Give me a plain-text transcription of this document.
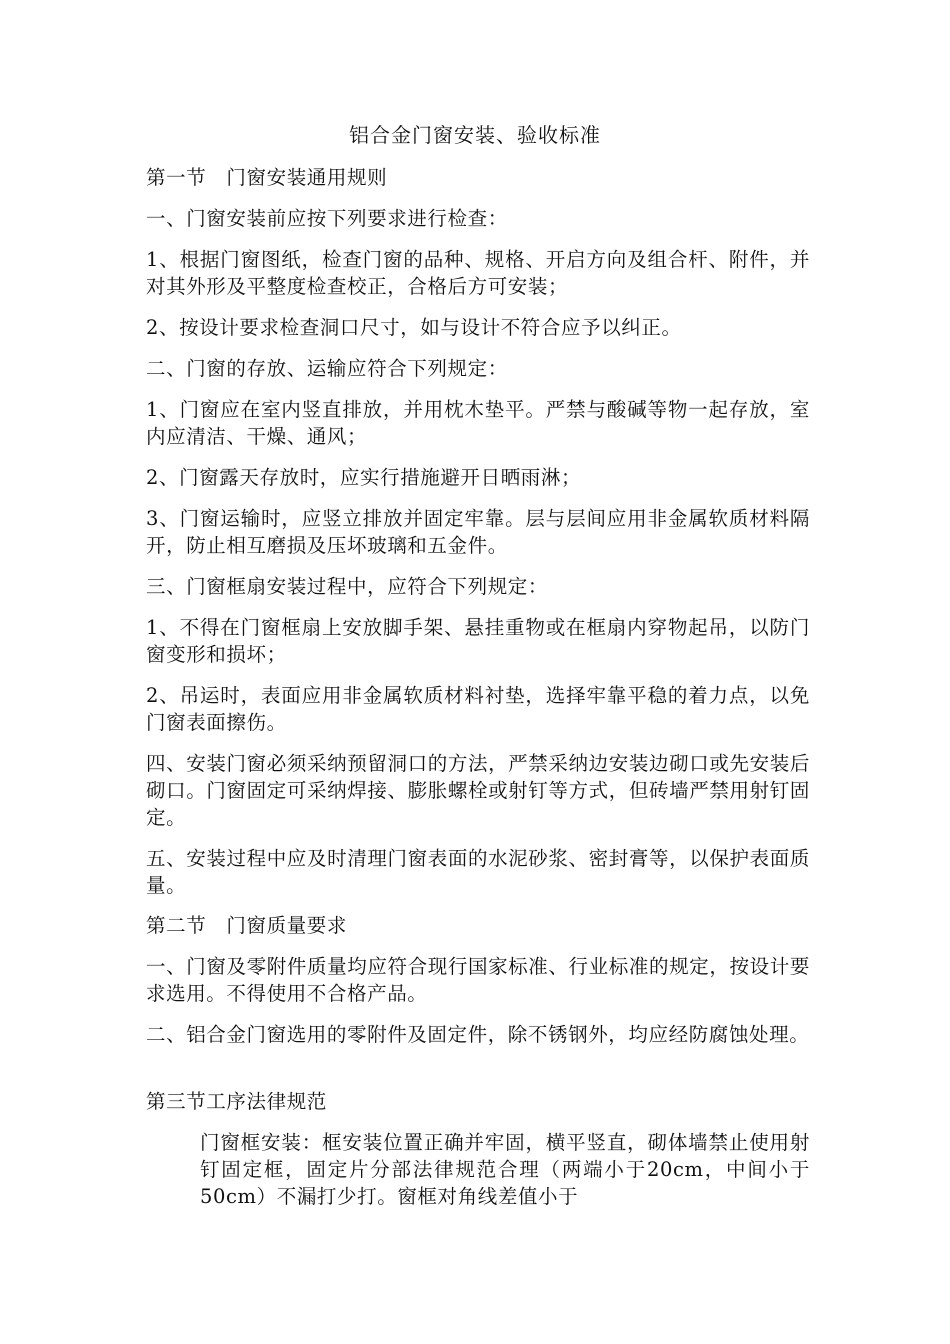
铝合金门窗安装、验收标准

第一节　门窗安装通用规则

一、门窗安装前应按下列要求进行检查：

1、根据门窗图纸，检查门窗的品种、规格、开启方向及组合杆、附件，并对其外形及平整度检查校正，合格后方可安装；

2、按设计要求检查洞口尺寸，如与设计不符合应予以纠正。

二、门窗的存放、运输应符合下列规定：

1、门窗应在室内竖直排放，并用枕木垫平。严禁与酸碱等物一起存放，室内应清洁、干燥、通风；

2、门窗露天存放时，应实行措施避开日晒雨淋；

3、门窗运输时，应竖立排放并固定牢靠。层与层间应用非金属软质材料隔开，防止相互磨损及压坏玻璃和五金件。

三、门窗框扇安装过程中，应符合下列规定：

1、不得在门窗框扇上安放脚手架、悬挂重物或在框扇内穿物起吊，以防门窗变形和损坏；

2、吊运时，表面应用非金属软质材料衬垫，选择牢靠平稳的着力点，以免门窗表面擦伤。

四、安装门窗必须采纳预留洞口的方法，严禁采纳边安装边砌口或先安装后砌口。门窗固定可采纳焊接、膨胀螺栓或射钉等方式，但砖墙严禁用射钉固定。

五、安装过程中应及时清理门窗表面的水泥砂浆、密封膏等，以保护表面质量。

第二节　门窗质量要求

一、门窗及零附件质量均应符合现行国家标准、行业标准的规定，按设计要求选用。不得使用不合格产品。

二、铝合金门窗选用的零附件及固定件，除不锈钢外，均应经防腐蚀处理。

第三节工序法律规范

门窗框安装：框安装位置正确并牢固，横平竖直，砌体墙禁止使用射钉固定框，固定片分部法律规范合理（两端小于20cm，中间小于50cm）不漏打少打。窗框对角线差值小于
